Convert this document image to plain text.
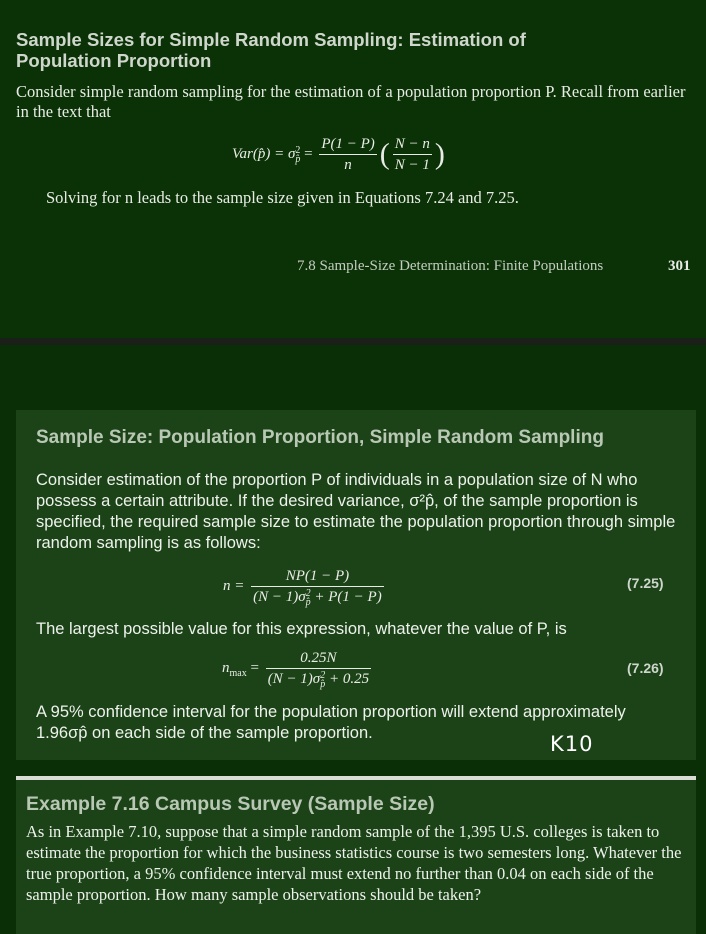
Sample Sizes for Simple Random Sampling: Estimation of Population Proportion
Consider simple random sampling for the estimation of a population proportion P. Recall from earlier in the text that
Var(p̂) = σ 2
p̂ = $\frac{P(1 - P)}{n}$ ( $\frac{N - n}{N - 1}$ )
Solving for n leads to the sample size given in Equations 7.24 and 7.25.
7.8 Sample-Size Determination: Finite Populations	301
Sample Size: Population Proportion, Simple Random Sampling
Consider estimation of the proportion P of individuals in a population size of N who possess a certain attribute. If the desired variance, σ²p̂, of the sample proportion is specified, the required sample size to estimate the population proportion through simple random sampling is as follows:
n = NP(1 − P)
(N − 1)σ 2
p̂ + P(1 − P)	(7.25)
The largest possible value for this expression, whatever the value of P, is
$n_{max} = 0.25N$
(N − 1)σ 2
p̂ + 0.25	(7.26)
A 95% confidence interval for the population proportion will extend approximately 1.96σp̂ on each side of the sample proportion.	K10
Example 7.16 Campus Survey (Sample Size)
As in Example 7.10, suppose that a simple random sample of the 1,395 U.S. colleges is taken to estimate the proportion for which the business statistics course is two semesters long. Whatever the true proportion, a 95% confidence interval must extend no further than 0.04 on each side of the sample proportion. How many sample observations should be taken?
